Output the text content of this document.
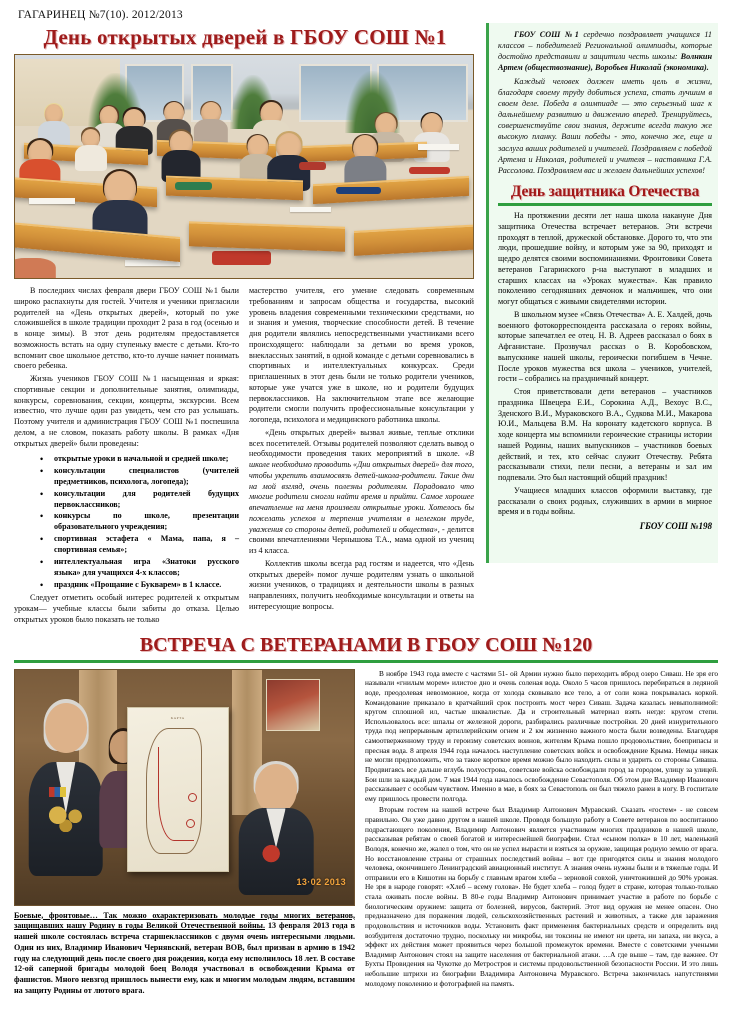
ГАГАРИНЕЦ №7(10). 2012/2013
День открытых дверей в ГБОУ СОШ №1

В последних числах февраля двери ГБОУ СОШ №1 были широко распахнуты для гостей. Учителя и ученики пригласили родителей на «День открытых дверей», который по уже сложившейся в школе традиции проходит 2 раза в год (осенью и в конце зимы). В этот день родителям предоставляется возможность встать на одну ступеньку вместе с детьми. Кто-то вспомнит свое школьное детство, кто-то лучше начнет понимать своего ребенка.

Жизнь учеников ГБОУ СОШ №1 насыщенная и яркая: спортивные секции и дополнительные занятия, олимпиады, конкурсы, соревнования, секции, концерты, экскурсии. Всем известно, что лучше один раз увидеть, чем сто раз услышать. Поэтому учителя и администрация ГБОУ СОШ №1 поспешила делом, а не словом, показать работу школы. В рамках «Дня открытых дверей» были проведены:

• открытые уроки в начальной и средней школе;
• консультации специалистов (учителей предметников, психолога, логопеда);
• консультации для родителей будущих первоклассников;
• конкурсы по школе, презентации образовательного учреждения;
• спортивная эстафета « Мама, папа, я – спортивная семья»;
• интеллектуальная игра «Знатоки русского языка» для учащихся 4-х классов;
• праздник «Прощание с Букварем» в 1 классе.

Следует отметить особый интерес родителей к открытым урокам— учебные классы были забиты до отказа. Целью открытых уроков было показать не только

мастерство учителя, его умение следовать современным требованиям и запросам общества и государства, высокий уровень владения современными техническими средствами, но и знания и умения, творческие способности детей. В течение дня родители являлись непосредственными участниками всего происходящего: наблюдали за детьми во время уроков, внеклассных занятий, в одной команде с детьми соревновались в спортивных и интеллектуальных конкурсах. Среди приглашенных в этот день были не только родители учеников, которые уже учатся уже в школе, но и родители будущих первоклассников. На заключительном этапе все желающие родители смогли получить профессиональные консультации у логопеда, психолога и медицинского работника школы.

«День открытых дверей» вызвал живые, теплые отклики всех посетителей. Отзывы родителей позволяют сделать вывод о необходимости проведения таких мероприятий в школе. «В школе необходимо проводить «Дни открытых дверей» для того, чтобы укрепить взаимосвязь детей-школа-родители. Такие дни на мой взгляд, очень полезны родителям. Порадовало что многие родители смогли найти время и прийти. Самое хорошее впечатление на меня произвели открытые уроки. Хотелось бы пожелать успехов и терпения учителям в нелегком труде, уважения со стороны детей, родителей и общества», - делится своими впечатлениями Чернышова Т.А., мама одной из учениц из 4 класса.

Коллектив школы всегда рад гостям и надеется, что «День открытых дверей» помог лучше родителям узнать о школьной жизни учеников, о традициях и деятельности школы в разных направлениях, получить необходимые консультации и ответы на интересующие вопросы.

ГБОУ СОШ №1 сердечно поздравляет учащихся 11 классов – победителей Региональной олимпиады, которые достойно представили и защитили честь школы: Волнкин Артем (обществознание), Воробьев Николай (экономика).

Каждый человек должен иметь цель в жизни, благодаря своему труду добиться успеха, стать лучшим в своем деле. Победа в олимпиаде — это серьезный шаг к дальнейшему развитию и движению вперед. Тренируйтесь, совершенствуйте свои знания, держите всегда такую же высокую планку. Ваши победы - это, конечно же, еще и заслуга ваших родителей и учителей. Поздравляем с победой Артема и Николая, родителей и учителя – наставника Г.А. Рассолова. Поздравляем вас и желаем дальнейших успехов!

День защитника Отечества

На протяжении десяти лет наша школа накануне Дня защитника Отечества встречает ветеранов. Эти встречи проходят в теплой, дружеской обстановке. Дорого то, что эти люди, прошедшие войну, и которым уже за 90, приходят и щедро делятся своими воспоминаниями. Фронтовики Совета ветеранов Гагаринского р-на выступают в младших и старших классах на «Уроках мужества». Как правило поколению сегодняшних девчонок и мальчишек, что они могут общаться с живыми свидетелями истории.

В школьном музее «Связь Отечества» А. Е. Халдей, дочь военного фотокорреспондента рассказала о героях войны, которые запечатлел ее отец. Н. В. Адреев рассказал о боях в Афганистане. Прозвучал рассказ о В. Коробовском, выпускнике нашей школы, героически погибшем в Чечне. После уроков мужества вся школа – учеников, учителей, гости – собрались на праздничный концерт.

Стоя приветствовали дети ветеранов – участников праздника Швецера Е.И., Сорокина А.Д., Вехоус В.С., Зденского В.И., Мураковского В.А., Судкова М.И., Макарова Ю.И., Мальцева В.М. На коронату кадетского корпуса. В ходе концерта мы вспомнили героические страницы истории нашей Родины, наших выпускников – участников боевых действий, и тех, кто сейчас служит Отечеству. Ребята рассказывали стихи, пели песни, а ветераны и зал им подпевали. Это был настоящий общий праздник!

Учащиеся младших классов оформили выставку, где рассказали о своих родных, служивших в армии в мирное время и в годы войны.

ГБОУ СОШ №198
ВСТРЕЧА С ВЕТЕРАНАМИ В ГБОУ СОШ №120
КАРТА
13·02 2013

Боевые, фронтовые… Так можно охарактеризовать молодые годы многих ветеранов, защищавших нашу Родину в годы Великой Отечественной войны. 13 февраля 2013 года в нашей школе состоялась встреча старшеклассников с двумя очень интересными людьми. Один из них, Владимир Иванович Чернявский, ветеран ВОВ, был призван в армию в 1942 году на следующий день после своего дня рождения, когда ему исполнилось 18 лет. В составе 12-ой саперной бригады молодой боец Володя участвовал в освобождении Крыма от фашистов. Много невзгод пришлось вынести ему, как и многим молодым людям, вставшим на защиту Родины от лютого врага.

В ноябре 1943 года вместе с частями 51- ой Армии нужно было переходить вброд озеро Сиваш. Не зря его называли «гнилым морем» илистое дно и очень соленая вода. Около 5 часов пришлось перебираться в ледяной воде, преодолевая невозможное, когда от холода сковывало все тело, а от соли кожа покрывалась коркой. Командование приказало в кратчайший срок построить мост через Сиваш. Задача казалась невыполнимой: кругом сплошной ил, частые шквалистые. Да и строительный материал взять негде: кругом степи. Использовалось все: шпалы от железной дороги, разбирались различные постройки. 20 дней изнурительного труда под непрерывным артиллерийским огнем и 2 км жизненно важного моста были возведены. Благодаря самоотверженному труду и героизму советских воинов, жителям Крыма пошло продовольствие, боеприпасы и пресная вода. 8 апреля 1944 года началось наступление советских войск и освобождение Крыма. Немцы никак не могли предположить, что за такое короткое время можно было находить силы и ударить со стороны Сиваша. Продвигаясь все дальше вглубь полуострова, советские войска освобождали город за городом, улицу за улицей. Бои шли за каждый дом. 7 мая 1944 года началось освобождение Севастополя. Об этом дне Владимир Иванович рассказывает с особым чувством. Именно в мае, в боях за Севастополь он был тяжело ранен в ногу. В госпитале ему пришлось провести полгода.

Вторым гостем на нашей встрече был Владимир Антонович Муравский. Сказать «гостем» - не совсем правильно. Он уже давно другом в нашей школе. Проводя большую работу в Совете ветеранов по воспитанию подрастающего поколения, Владимир Антонович является участником многих праздников в нашей школе, рассказывая ребятам о своей богатой и интереснейшей биографии. Стал «сыном полка» в 10 лет, маленький Володя, конечно же, жалел о том, что он не успел вырасти и взяться за оружие, защищая родную землю от врага. Но восстановление страны от страшных последствий войны – вот где пригодятся силы и знания молодого человека, окончившего Ленинградский авиационный институт. А знания очень нужны были и в тяжелые годы. И отправили его в Кишотин на борьбу с главным врагом хлеба – зерновой совхой, уничтожившей до 90% урожая. Не зря в народе говорят: «Хлеб – всему голова». Не будет хлеба – голод будет в стране, которая только-только стала оживать после войны. В 80-е годы Владимир Антонович принимает участие в работе по борьбе с биологическим оружием: защита от болезней, вирусов, бактерий. Этот вид оружия не менее опасен. Оно предназначено для поражения людей, сельскохозяйственных растений и животных, а также для заражения продовольствия и источников воды. Установить факт применения бактериальных средств и определить вид возбудителя достаточно трудно, поскольку ни микробы, ни токсины не имеют ни цвета, ни запаха, ни вкуса, а эффект их действия может проявиться через большой промежуток времени. Вместе с советскими учеными Владимир Антонович стоял на защите населения от бактериальной атаки. …А где выше – там, где важнее. От Бухты Провидения на Чукотке до Метростроя и системы продовольственной безопасности России. И это лишь небольшие штрихи из биографии Владимира Антоновича Муравского. Встреча закончилась напутствиями молодому поколению и фотографией на память.
